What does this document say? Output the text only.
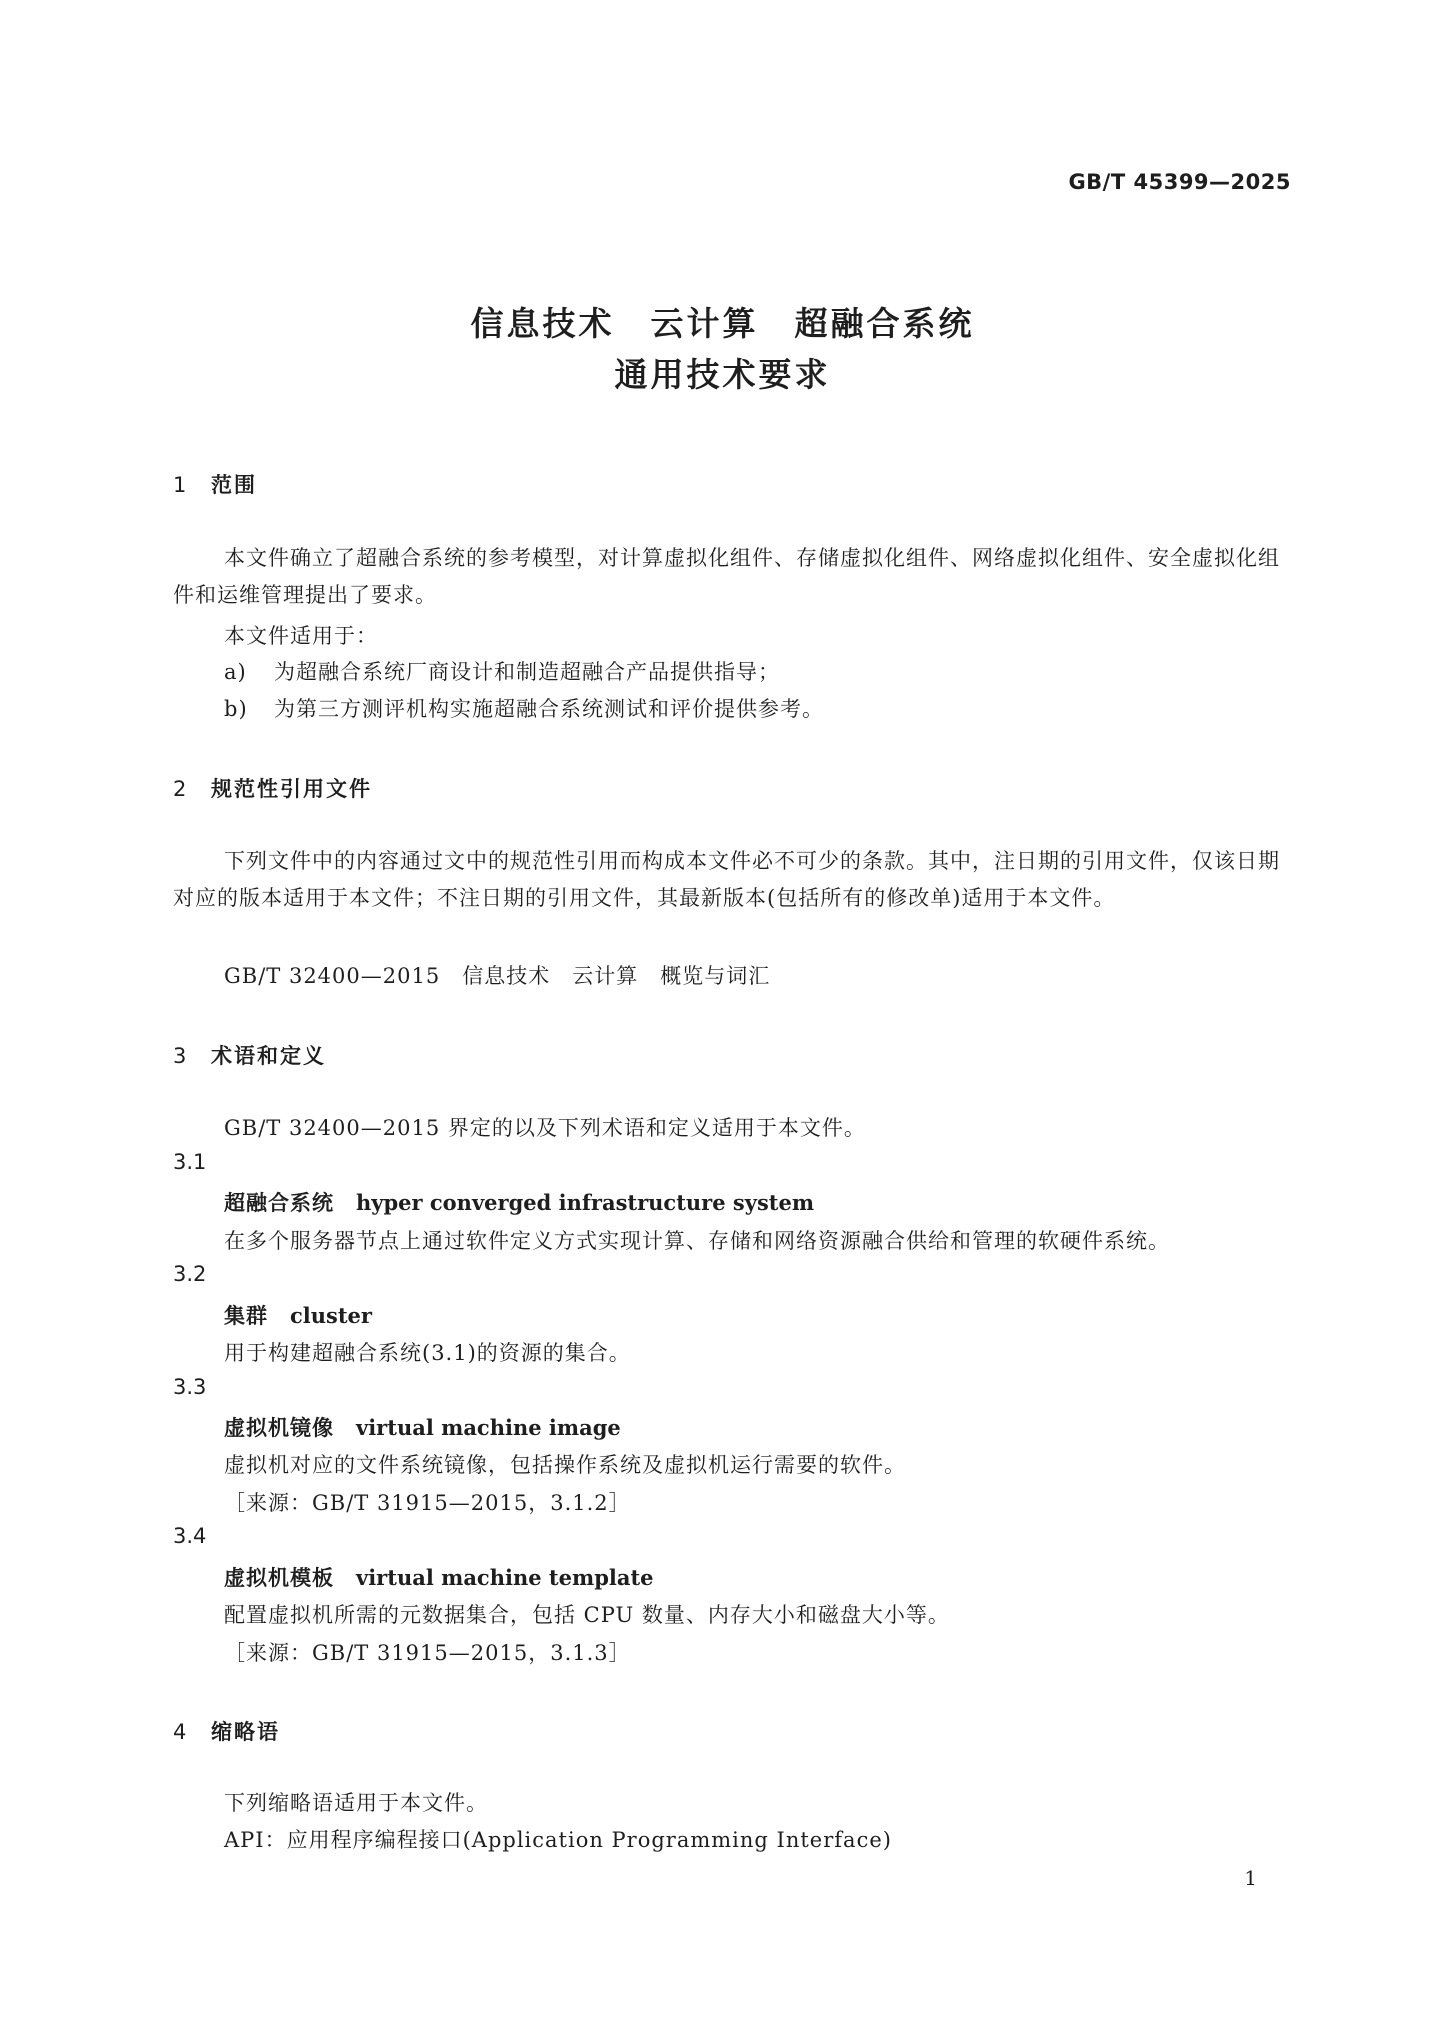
GB/T 45399—2025
信息技术　云计算　超融合系统
通用技术要求
1 范围
本文件确立了超融合系统的参考模型，对计算虚拟化组件、存储虚拟化组件、网络虚拟化组件、安全虚拟化组件和运维管理提出了要求。
本文件适用于：
a) 为超融合系统厂商设计和制造超融合产品提供指导；
b) 为第三方测评机构实施超融合系统测试和评价提供参考。
2 规范性引用文件
下列文件中的内容通过文中的规范性引用而构成本文件必不可少的条款。其中，注日期的引用文件，仅该日期对应的版本适用于本文件；不注日期的引用文件，其最新版本(包括所有的修改单)适用于本文件。
GB/T 32400—2015　信息技术　云计算　概览与词汇
3 术语和定义
GB/T 32400—2015 界定的以及下列术语和定义适用于本文件。
3.1
超融合系统 hyper converged infrastructure system
在多个服务器节点上通过软件定义方式实现计算、存储和网络资源融合供给和管理的软硬件系统。
3.2
集群 cluster
用于构建超融合系统(3.1)的资源的集合。
3.3
虚拟机镜像 virtual machine image
虚拟机对应的文件系统镜像，包括操作系统及虚拟机运行需要的软件。
［来源：GB/T 31915—2015，3.1.2］
3.4
虚拟机模板 virtual machine template
配置虚拟机所需的元数据集合，包括 CPU 数量、内存大小和磁盘大小等。
［来源：GB/T 31915—2015，3.1.3］
4 缩略语
下列缩略语适用于本文件。
API：应用程序编程接口(Application Programming Interface)
1
